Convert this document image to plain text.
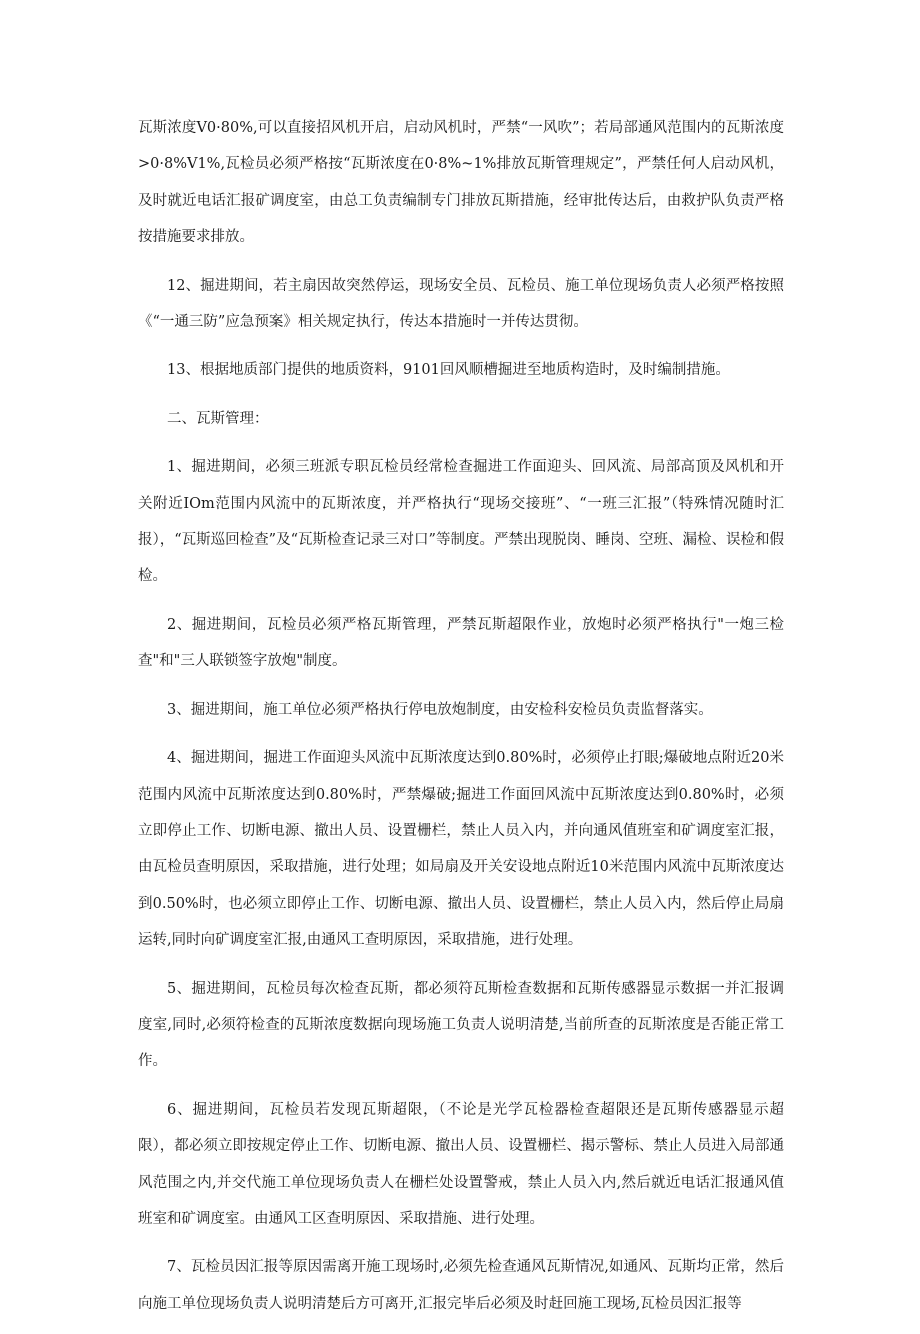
瓦斯浓度V0·80%,可以直接招风机开启，启动风机时，严禁“一风吹”；若局部通风范围内的瓦斯浓度>0·8%V1%,瓦检员必须严格按“瓦斯浓度在0·8%~1%排放瓦斯管理规定”，严禁任何人启动风机，及时就近电话汇报矿调度室，由总工负责编制专门排放瓦斯措施，经审批传达后，由救护队负责严格按措施要求排放。

12、掘进期间，若主扇因故突然停运，现场安全员、瓦检员、施工单位现场负责人必须严格按照《“一通三防”应急预案》相关规定执行，传达本措施时一并传达贯彻。

13、根据地质部门提供的地质资料，9101回风顺槽掘进至地质构造时，及时编制措施。

二、瓦斯管理：

1、掘进期间，必须三班派专职瓦检员经常检查掘进工作面迎头、回风流、局部高顶及风机和开关附近IOm范围内风流中的瓦斯浓度，并严格执行“现场交接班”、“一班三汇报”（特殊情况随时汇报），“瓦斯巡回检查”及“瓦斯检查记录三对口”等制度。严禁出现脱岗、睡岗、空班、漏检、误检和假检。

2、掘进期间，瓦检员必须严格瓦斯管理，严禁瓦斯超限作业，放炮时必须严格执行"一炮三检查"和"三人联锁签字放炮"制度。

3、掘进期间，施工单位必须严格执行停电放炮制度，由安检科安检员负责监督落实。

4、掘进期间，掘进工作面迎头风流中瓦斯浓度达到0.80%时，必须停止打眼;爆破地点附近20米范围内风流中瓦斯浓度达到0.80%时，严禁爆破;掘进工作面回风流中瓦斯浓度达到0.80%时，必须立即停止工作、切断电源、撤出人员、设置栅栏，禁止人员入内，并向通风值班室和矿调度室汇报，由瓦检员查明原因，采取措施，进行处理；如局扇及开关安设地点附近10米范围内风流中瓦斯浓度达到0.50%时，也必须立即停止工作、切断电源、撤出人员、设置栅栏，禁止人员入内，然后停止局扇运转,同时向矿调度室汇报,由通风工查明原因，采取措施，进行处理。

5、掘进期间，瓦检员每次检查瓦斯，都必须符瓦斯检查数据和瓦斯传感器显示数据一并汇报调度室,同时,必须符检查的瓦斯浓度数据向现场施工负责人说明清楚,当前所查的瓦斯浓度是否能正常工作。

6、掘进期间，瓦检员若发现瓦斯超限，（不论是光学瓦检器检查超限还是瓦斯传感器显示超限），都必须立即按规定停止工作、切断电源、撤出人员、设置栅栏、揭示警标、禁止人员进入局部通风范围之内,并交代施工单位现场负责人在栅栏处设置警戒，禁止人员入内,然后就近电话汇报通风值班室和矿调度室。由通风工区查明原因、采取措施、进行处理。

7、瓦检员因汇报等原因需离开施工现场时,必须先检查通风瓦斯情况,如通风、瓦斯均正常，然后向施工单位现场负责人说明清楚后方可离开,汇报完毕后必须及时赶回施工现场,瓦检员因汇报等
